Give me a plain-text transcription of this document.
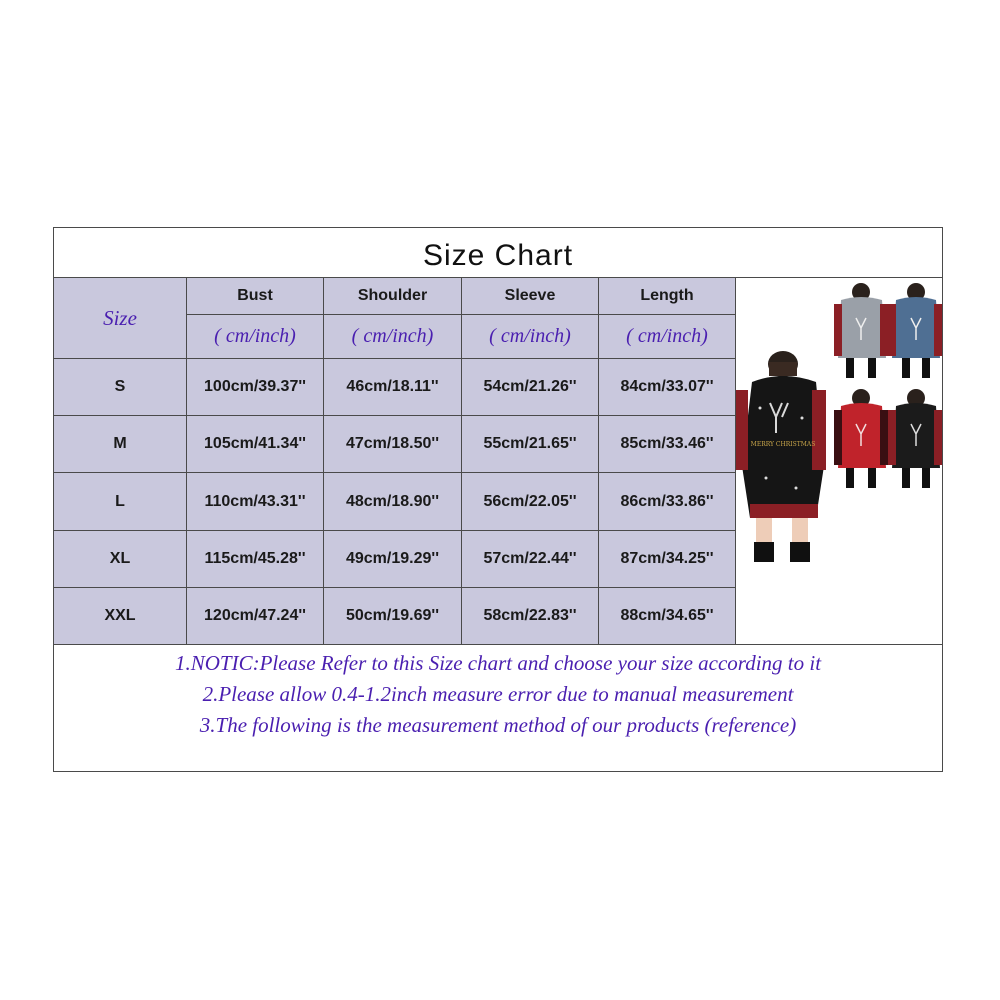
Size Chart
Size
Bust	Shoulder	Sleeve	Length
( cm/inch)	( cm/inch)	( cm/inch)	( cm/inch)
S	100cm/39.37''	46cm/18.11''	54cm/21.26''	84cm/33.07''
M	105cm/41.34''	47cm/18.50''	55cm/21.65''	85cm/33.46''
L	110cm/43.31''	48cm/18.90''	56cm/22.05''	86cm/33.86''
XL	115cm/45.28''	49cm/19.29''	57cm/22.44''	87cm/34.25''
XXL	120cm/47.24''	50cm/19.69''	58cm/22.83''	88cm/34.65''
MERRY CHRISTMAS
1.NOTIC:Please Refer to this Size chart and choose your size according to it
2.Please allow 0.4-1.2inch measure error due to manual measurement
3.The following is the measurement method of our products (reference)
